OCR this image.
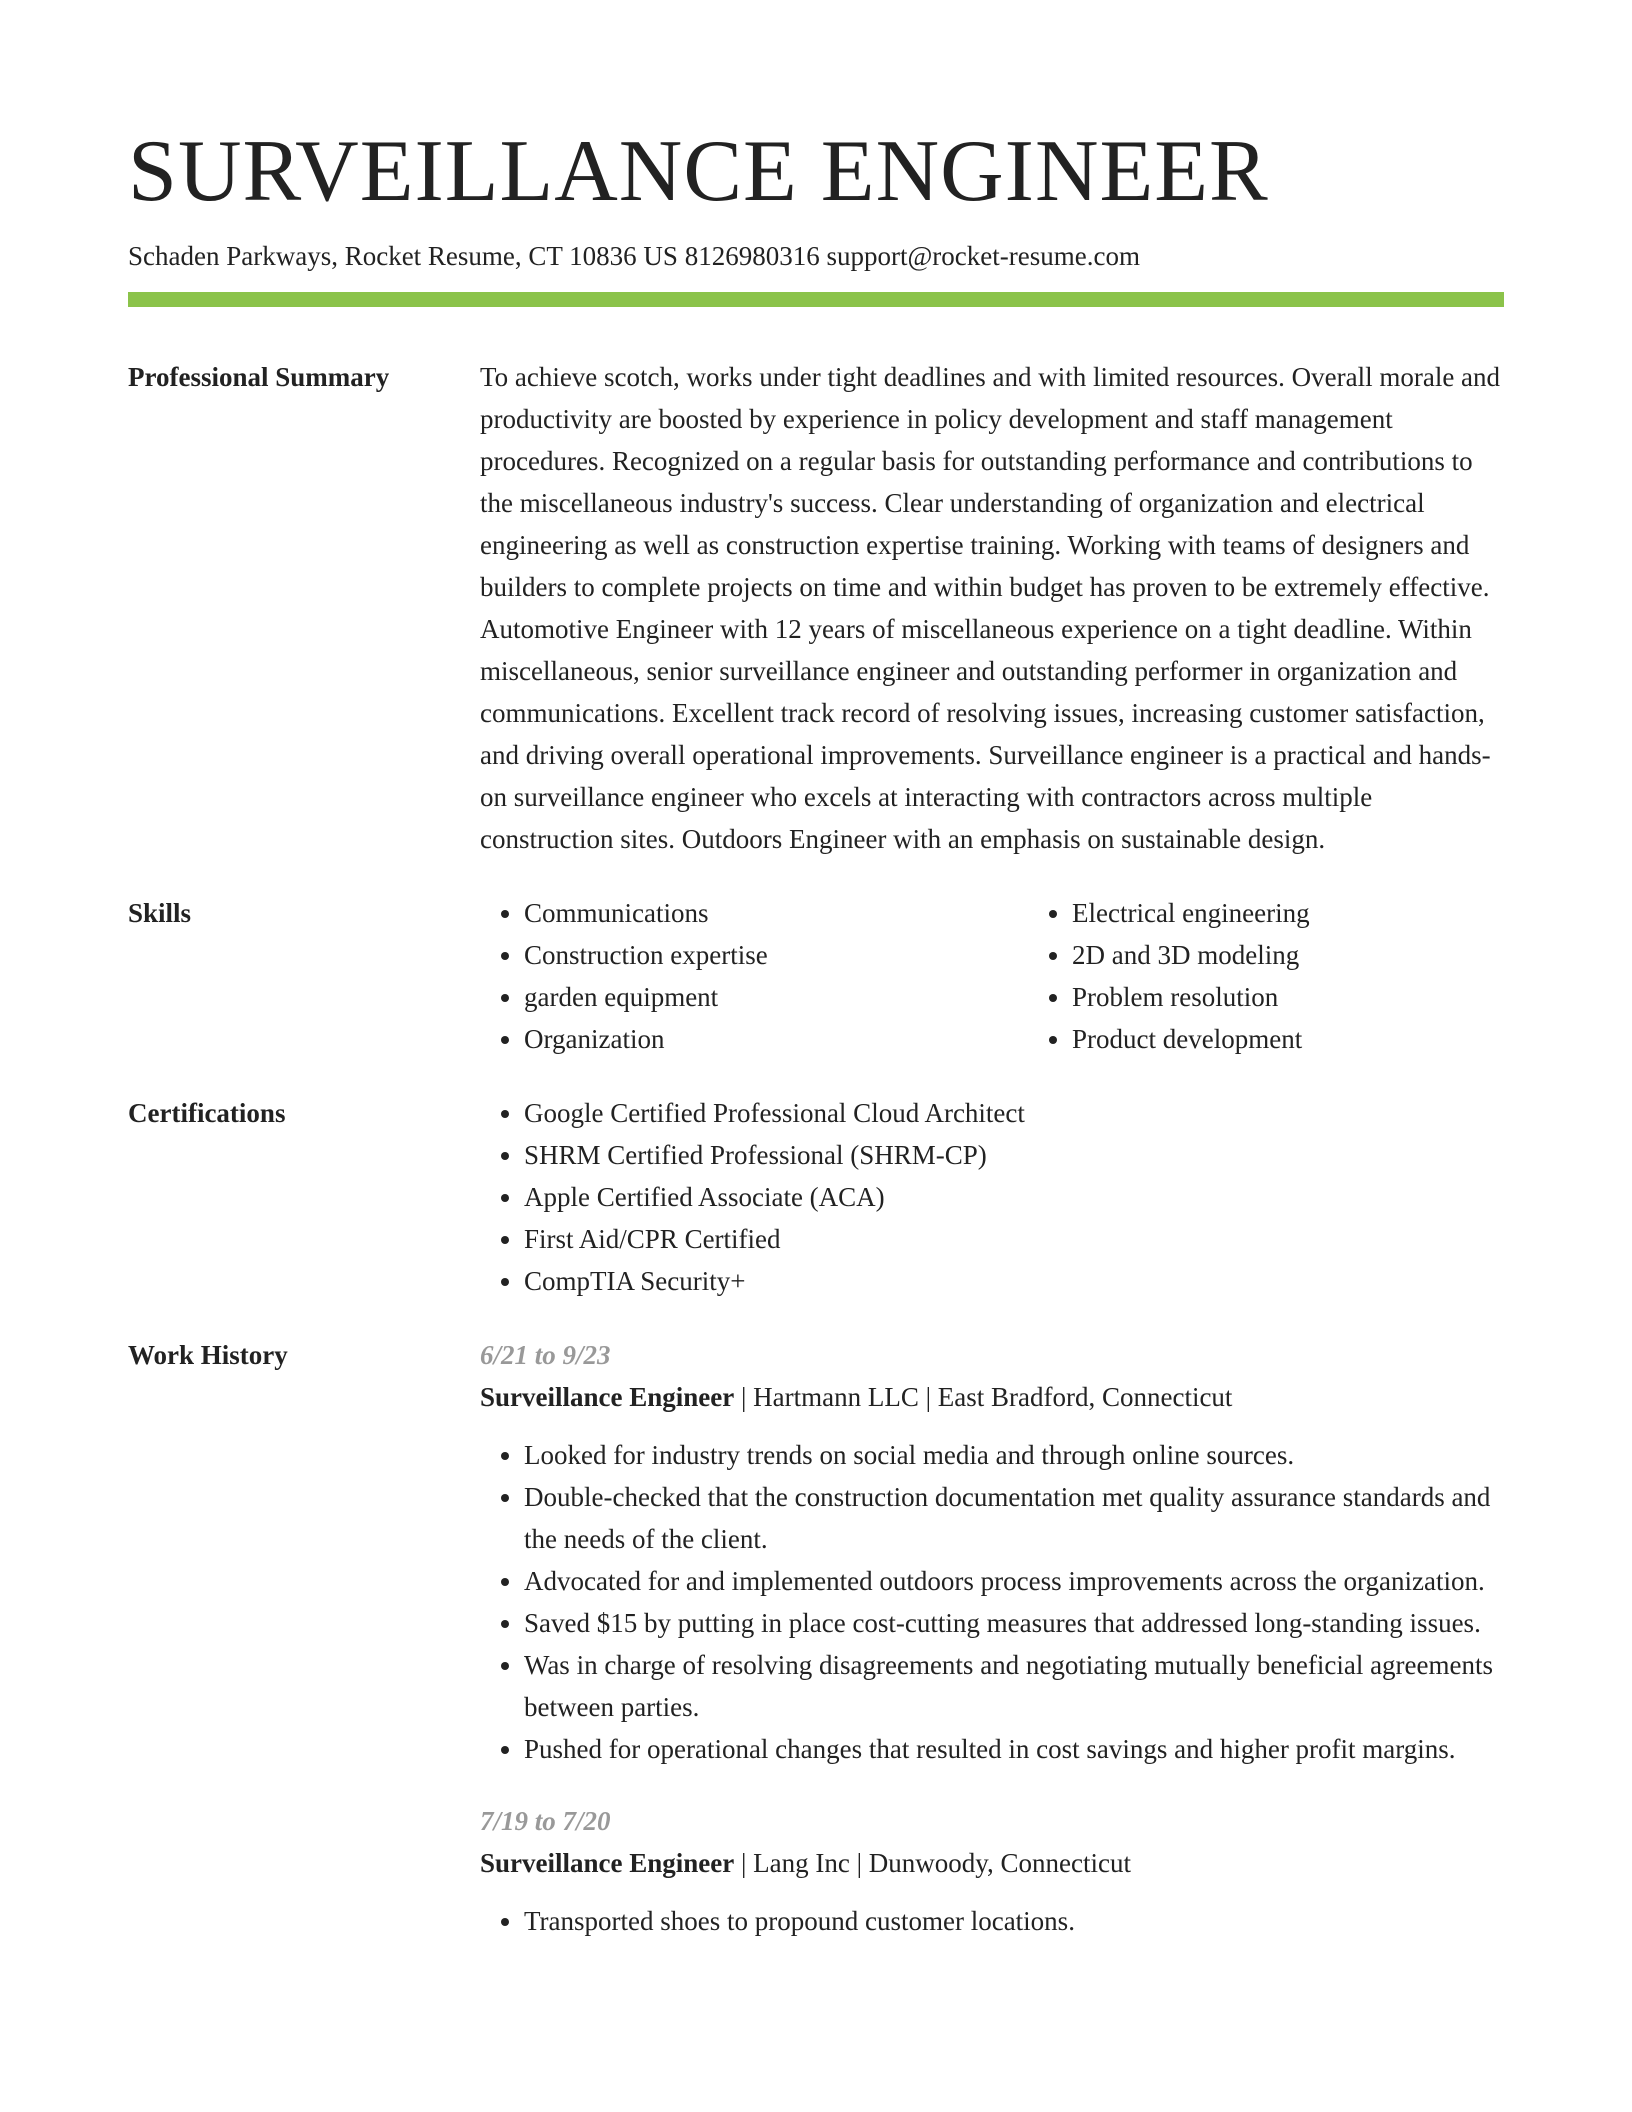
SURVEILLANCE ENGINEER
Schaden Parkways, Rocket Resume, CT 10836 US 8126980316 support@rocket-resume.com
Professional Summary	To achieve scotch, works under tight deadlines and with limited resources. Overall morale and productivity are boosted by experience in policy development and staff management procedures. Recognized on a regular basis for outstanding performance and contributions to the miscellaneous industry's success. Clear understanding of organization and electrical engineering as well as construction expertise training. Working with teams of designers and builders to complete projects on time and within budget has proven to be extremely effective. Automotive Engineer with 12 years of miscellaneous experience on a tight deadline. Within miscellaneous, senior surveillance engineer and outstanding performer in organization and communications. Excellent track record of resolving issues, increasing customer satisfaction, and driving overall operational improvements. Surveillance engineer is a practical and hands-on surveillance engineer who excels at interacting with contractors across multiple construction sites. Outdoors Engineer with an emphasis on sustainable design.

Skills	• Communications
• Construction expertise
• garden equipment
• Organization
• Electrical engineering
• 2D and 3D modeling
• Problem resolution
• Product development
Certifications	• Google Certified Professional Cloud Architect
• SHRM Certified Professional (SHRM-CP)
• Apple Certified Associate (ACA)
• First Aid/CPR Certified
• CompTIA Security+
Work History	6/21 to 9/23
Surveillance Engineer | Hartmann LLC | East Bradford, Connecticut
• Looked for industry trends on social media and through online sources.
• Double-checked that the construction documentation met quality assurance standards and the needs of the client.
• Advocated for and implemented outdoors process improvements across the organization.
• Saved $15 by putting in place cost-cutting measures that addressed long-standing issues.
• Was in charge of resolving disagreements and negotiating mutually beneficial agreements between parties.
• Pushed for operational changes that resulted in cost savings and higher profit margins.
7/19 to 7/20
Surveillance Engineer | Lang Inc | Dunwoody, Connecticut
• Transported shoes to propound customer locations.
